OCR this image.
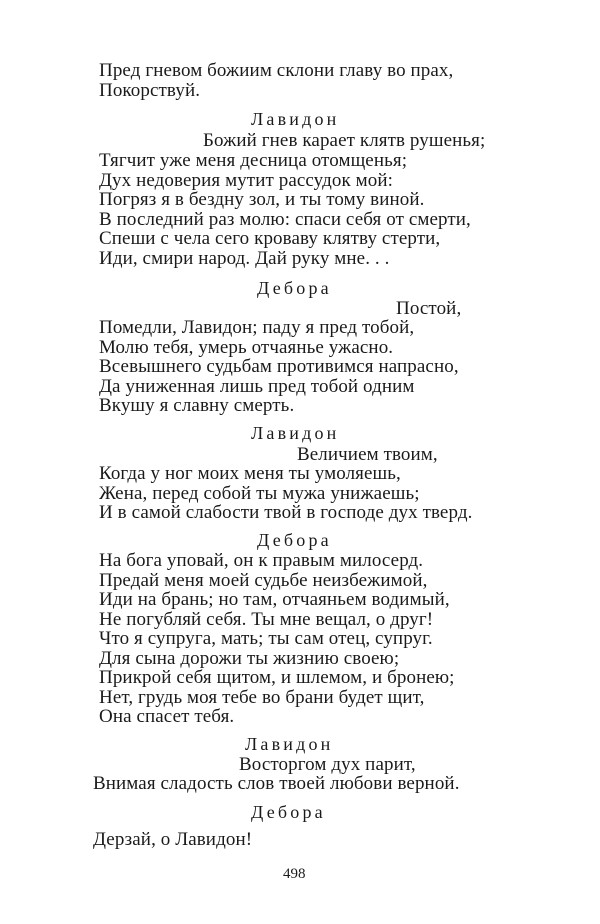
Пред гневом божиим склони главу во прах,
Покорствуй.
Лавидон
Божий гнев карает клятв рушенья;
Тягчит уже меня десница отомщенья;
Дух недоверия мутит рассудок мой:
Погряз я в бездну зол, и ты тому виной.
В последний раз молю: спаси себя от смерти,
Спеши с чела сего кроваву клятву стерти,
Иди, смири народ. Дай руку мне. . .
Дебора
Постой,
Помедли, Лавидон; паду я пред тобой,
Молю тебя, умерь отчаянье ужасно.
Всевышнего судьбам противимся напрасно,
Да униженная лишь пред тобой одним
Вкушу я славну смерть.
Лавидон
Величием твоим,
Когда у ног моих меня ты умоляешь,
Жена, перед собой ты мужа унижаешь;
И в самой слабости твой в господе дух тверд.
Дебора
На бога уповай, он к правым милосерд.
Предай меня моей судьбе неизбежимой,
Иди на брань; но там, отчаяньем водимый,
Не погубляй себя. Ты мне вещал, о друг!
Что я супруга, мать; ты сам отец, супруг.
Для сына дорожи ты жизнию своею;
Прикрой себя щитом, и шлемом, и бронею;
Нет, грудь моя тебе во брани будет щит,
Она спасет тебя.
Лавидон
Восторгом дух парит,
Внимая сладость слов твоей любови верной.
Дебора
Дерзай, о Лавидон!
498
